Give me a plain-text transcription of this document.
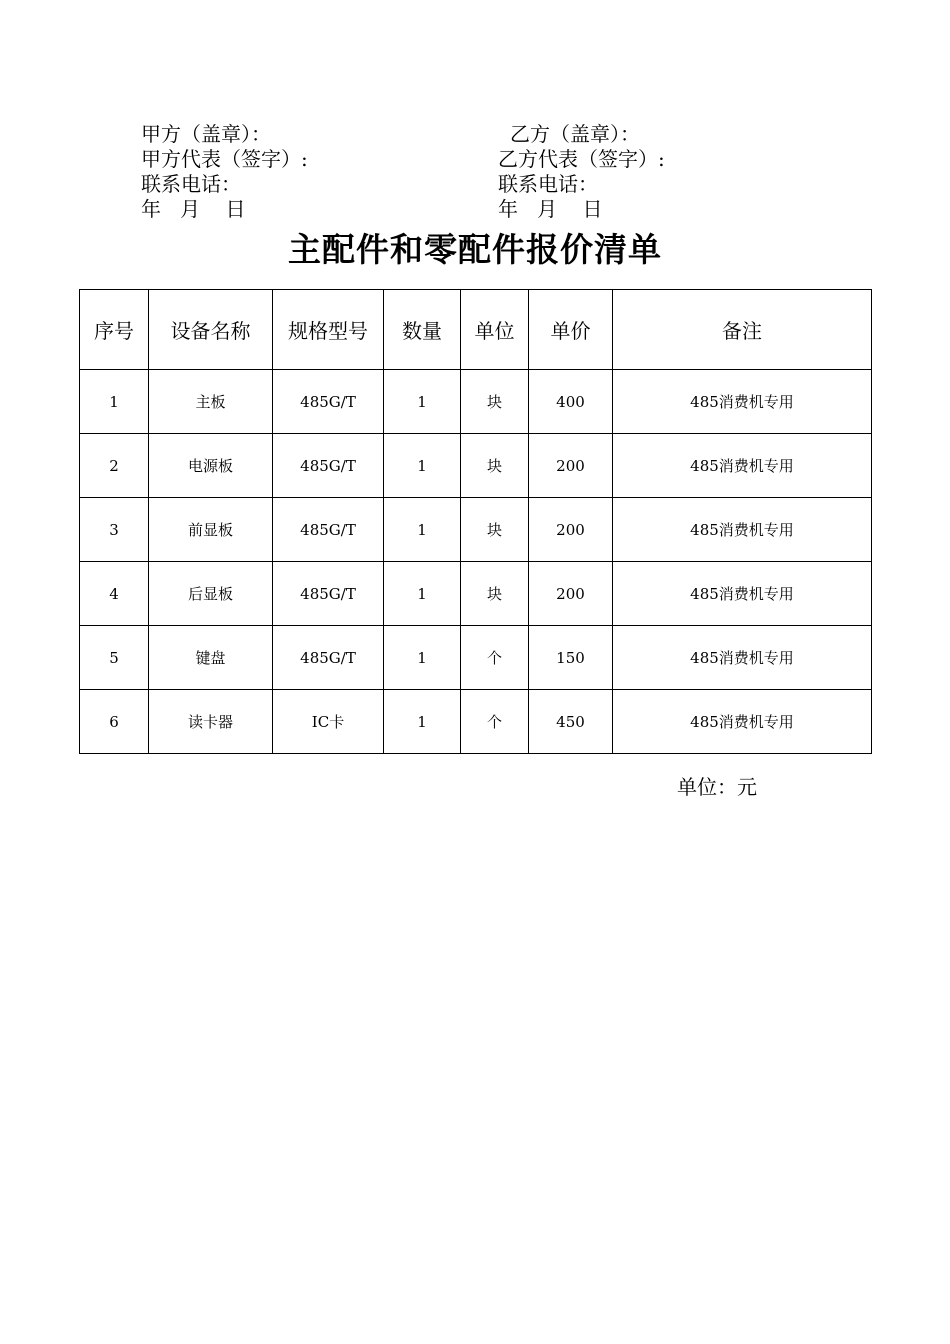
甲方（盖章）：
甲方代表（签字）:
联系电话：
年   月    日
乙方（盖章）：
乙方代表（签字）:
联系电话：
年   月    日
主配件和零配件报价清单
序号	设备名称	规格型号	数量	单位	单价	备注
1	主板	485G/T	1	块	400	485消费机专用
2	电源板	485G/T	1	块	200	485消费机专用
3	前显板	485G/T	1	块	200	485消费机专用
4	后显板	485G/T	1	块	200	485消费机专用
5	键盘	485G/T	1	个	150	485消费机专用
6	读卡器	IC卡	1	个	450	485消费机专用
单位：元
